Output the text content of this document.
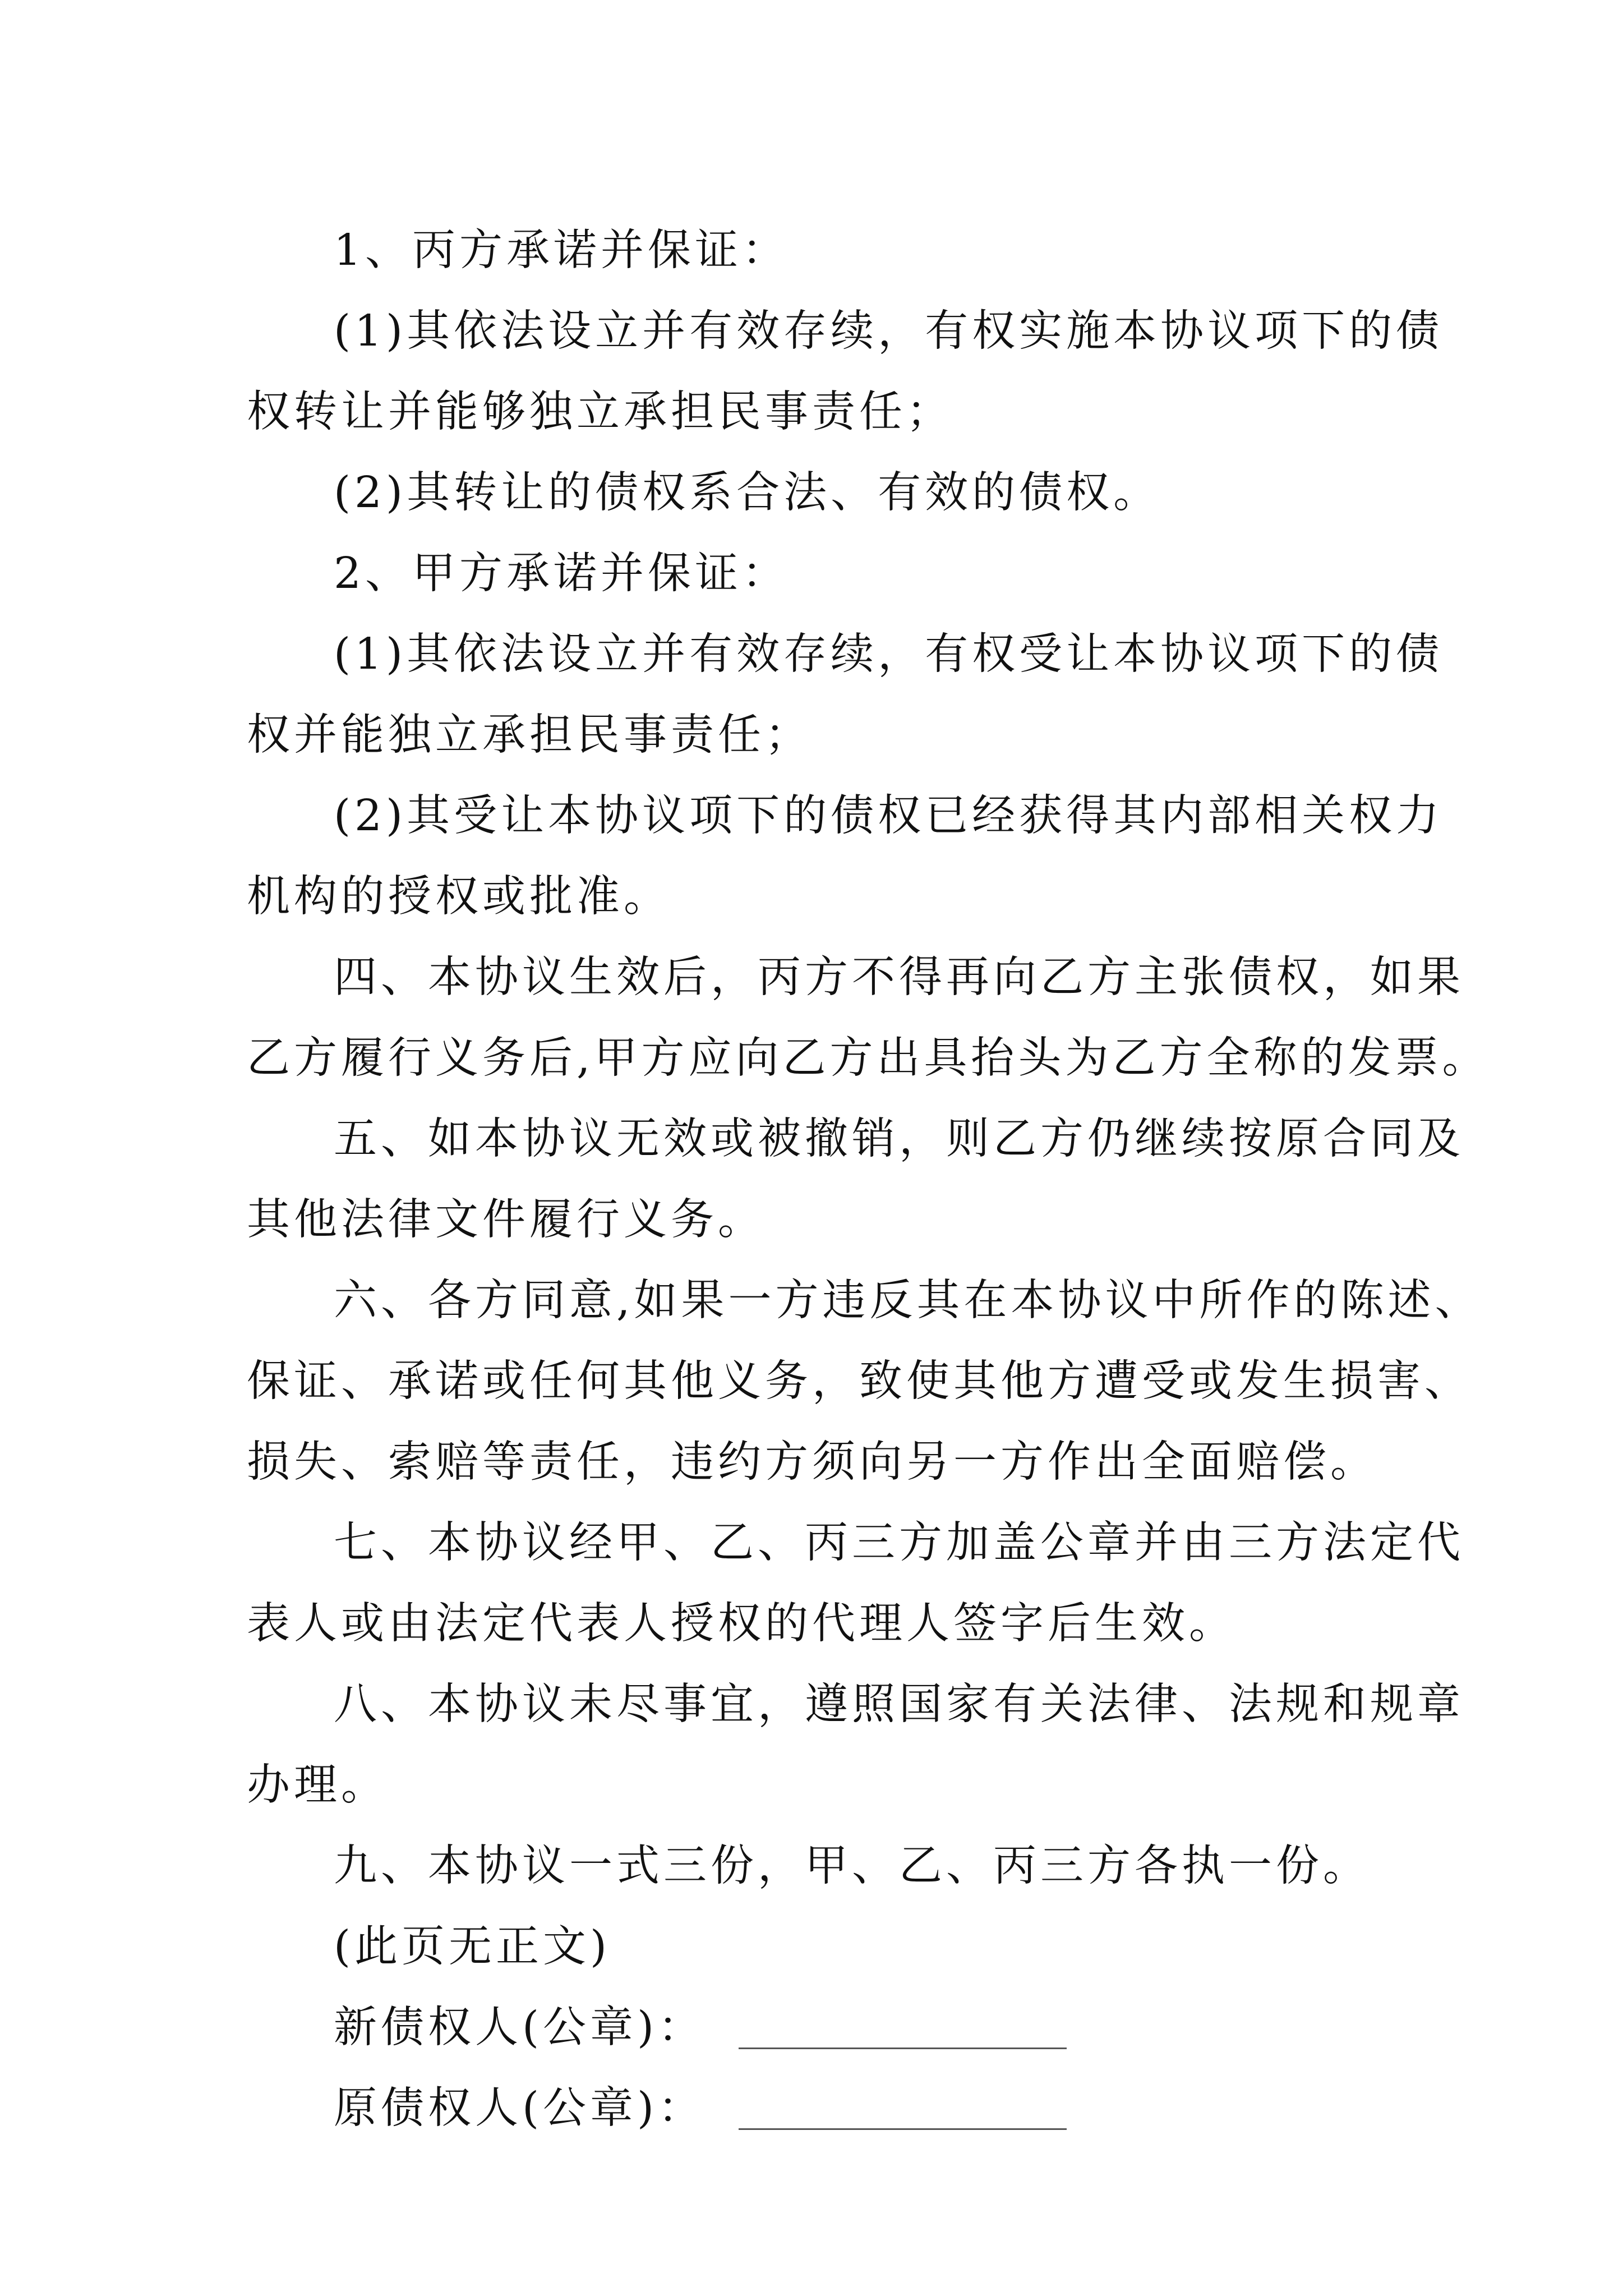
1、丙方承诺并保证：

(1)其依法设立并有效存续，有权实施本协议项下的债

权转让并能够独立承担民事责任；

(2)其转让的债权系合法、有效的债权。

2、甲方承诺并保证：

(1)其依法设立并有效存续，有权受让本协议项下的债

权并能独立承担民事责任；

(2)其受让本协议项下的债权已经获得其内部相关权力

机构的授权或批准。

四、本协议生效后，丙方不得再向乙方主张债权，如果

乙方履行义务后,甲方应向乙方出具抬头为乙方全称的发票。

五、如本协议无效或被撤销，则乙方仍继续按原合同及

其他法律文件履行义务。

六、各方同意,如果一方违反其在本协议中所作的陈述、

保证、承诺或任何其他义务，致使其他方遭受或发生损害、

损失、索赔等责任，违约方须向另一方作出全面赔偿。

七、本协议经甲、乙、丙三方加盖公章并由三方法定代

表人或由法定代表人授权的代理人签字后生效。

八、本协议未尽事宜，遵照国家有关法律、法规和规章

办理。

九、本协议一式三份，甲、乙、丙三方各执一份。

(此页无正文)

新债权人(公章)：
原债权人(公章)：
